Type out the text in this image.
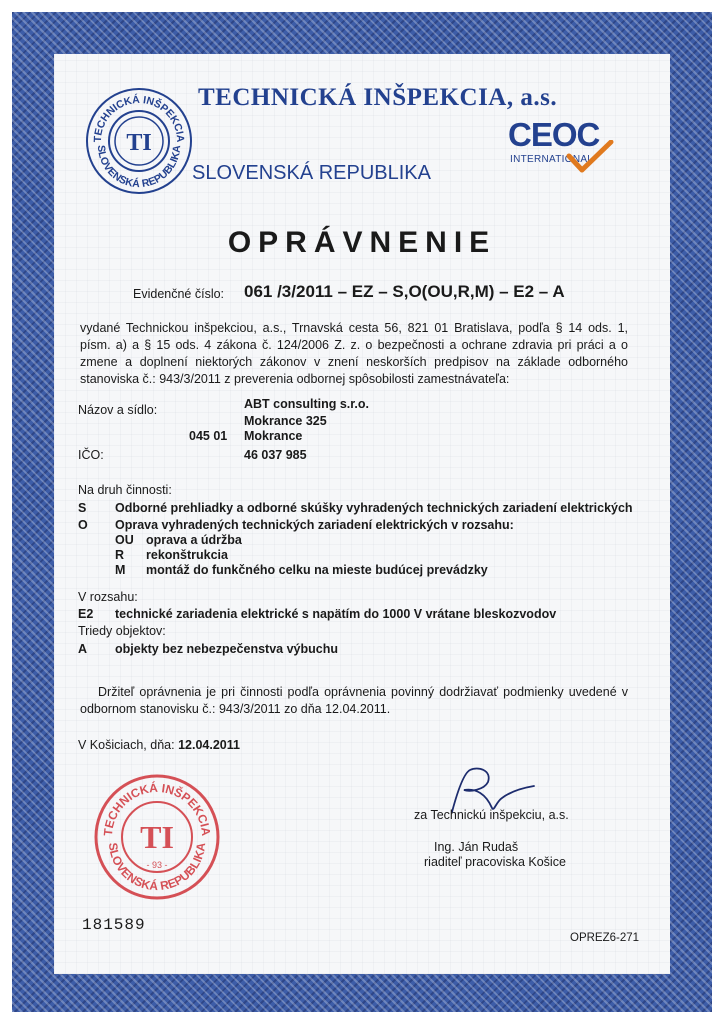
TECHNICKÁ INŠPEKCIA
SLOVENSKÁ REPUBLIKA
TI
TECHNICKÁ INŠPEKCIA, a.s.
SLOVENSKÁ REPUBLIKA
CEOC
INTERNATIONAL
OPRÁVNENIE
Evidenčné číslo: 061 /3/2011 – EZ – S,O(OU,R,M) – E2 – A
vydané Technickou inšpekciou, a.s., Trnavská cesta 56, 821 01 Bratislava, podľa § 14 ods. 1, písm. a) a § 15 ods. 4 zákona č. 124/2006 Z. z. o bezpečnosti a ochrane zdravia pri práci a o zmene a doplnení niektorých zákonov v znení neskorších predpisov na základe odborného stanoviska č.: 943/3/2011 z preverenia odbornej spôsobilosti zamestnávateľa:
Názov a sídlo:	ABT consulting s.r.o.
Mokrance 325
045 01 Mokrance
IČO:	46 037 985
Na druh činnosti:
S Odborné prehliadky a odborné skúšky vyhradených technických zariadení elektrických
O Oprava vyhradených technických zariadení elektrických v rozsahu:
OU oprava a údržba
R rekonštrukcia
M montáž do funkčného celku na mieste budúcej prevádzky
V rozsahu:
E2 technické zariadenia elektrické s napätím do 1000 V vrátane bleskozvodov
Triedy objektov:
A objekty bez nebezpečenstva výbuchu
Držiteľ oprávnenia je pri činnosti podľa oprávnenia povinný dodržiavať podmienky uvedené v odbornom stanovisku č.: 943/3/2011 zo dňa 12.04.2011.
V Košiciach, dňa: 12.04.2011
TECHNICKÁ INŠPEKCIA
SLOVENSKÁ REPUBLIKA
TI
- 93 -
za Technickú inšpekciu, a.s.
Ing. Ján Rudaš
riaditeľ pracoviska Košice
181589
OPREZ6-271
